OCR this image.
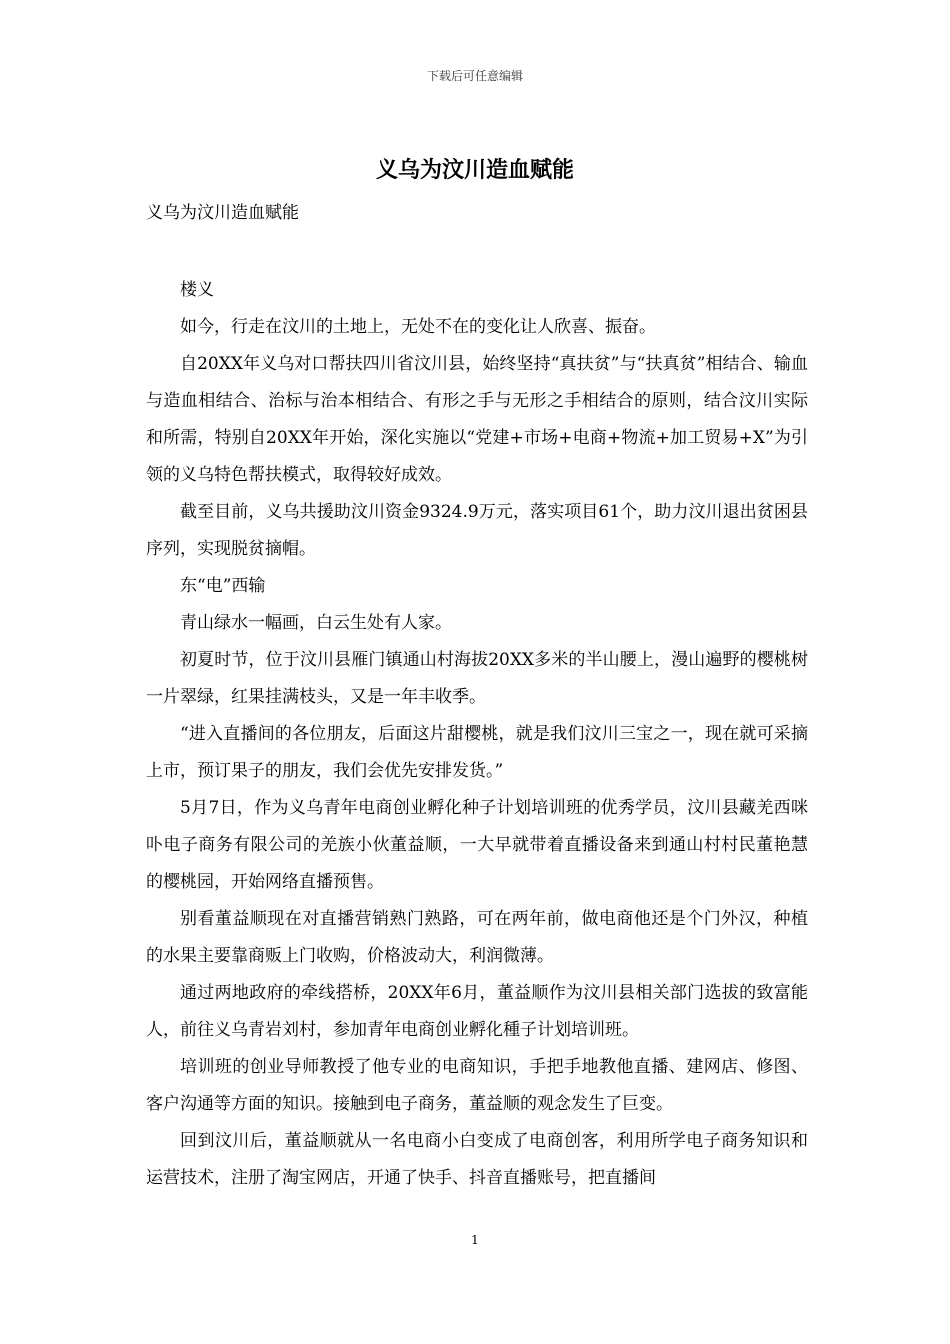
下载后可任意编辑
义乌为汶川造血赋能

义乌为汶川造血赋能

楼义

如今，行走在汶川的土地上，无处不在的变化让人欣喜、振奋。

自20XX年义乌对口帮扶四川省汶川县，始终坚持“真扶贫”与“扶真贫”相结合、输血与造血相结合、治标与治本相结合、有形之手与无形之手相结合的原则，结合汶川实际和所需，特别自20XX年开始，深化实施以“党建+市场+电商+物流+加工贸易+X”为引领的义乌特色帮扶模式，取得较好成效。

截至目前，义乌共援助汶川资金9324.9万元，落实项目61个，助力汶川退出贫困县序列，实现脱贫摘帽。

东“电”西输

青山绿水一幅画，白云生处有人家。

初夏时节，位于汶川县雁门镇通山村海拔20XX多米的半山腰上，漫山遍野的樱桃树一片翠绿，红果挂满枝头，又是一年丰收季。

“进入直播间的各位朋友，后面这片甜樱桃，就是我们汶川三宝之一，现在就可采摘上市，预订果子的朋友，我们会优先安排发货。”

5月7日，作为义乌青年电商创业孵化种子计划培训班的优秀学员，汶川县藏羌西咪卟电子商务有限公司的羌族小伙董益顺，一大早就带着直播设备来到通山村村民董艳慧的樱桃园，开始网络直播预售。

别看董益顺现在对直播营销熟门熟路，可在两年前，做电商他还是个门外汉，种植的水果主要靠商贩上门收购，价格波动大，利润微薄。

通过两地政府的牵线搭桥，20XX年6月，董益顺作为汶川县相关部门选拔的致富能人，前往义乌青岩刘村，参加青年电商创业孵化種子计划培训班。

培训班的创业导师教授了他专业的电商知识，手把手地教他直播、建网店、修图、客户沟通等方面的知识。接触到电子商务，董益顺的观念发生了巨变。

回到汶川后，董益顺就从一名电商小白变成了电商创客，利用所学电子商务知识和运营技术，注册了淘宝网店，开通了快手、抖音直播账号，把直播间

1
